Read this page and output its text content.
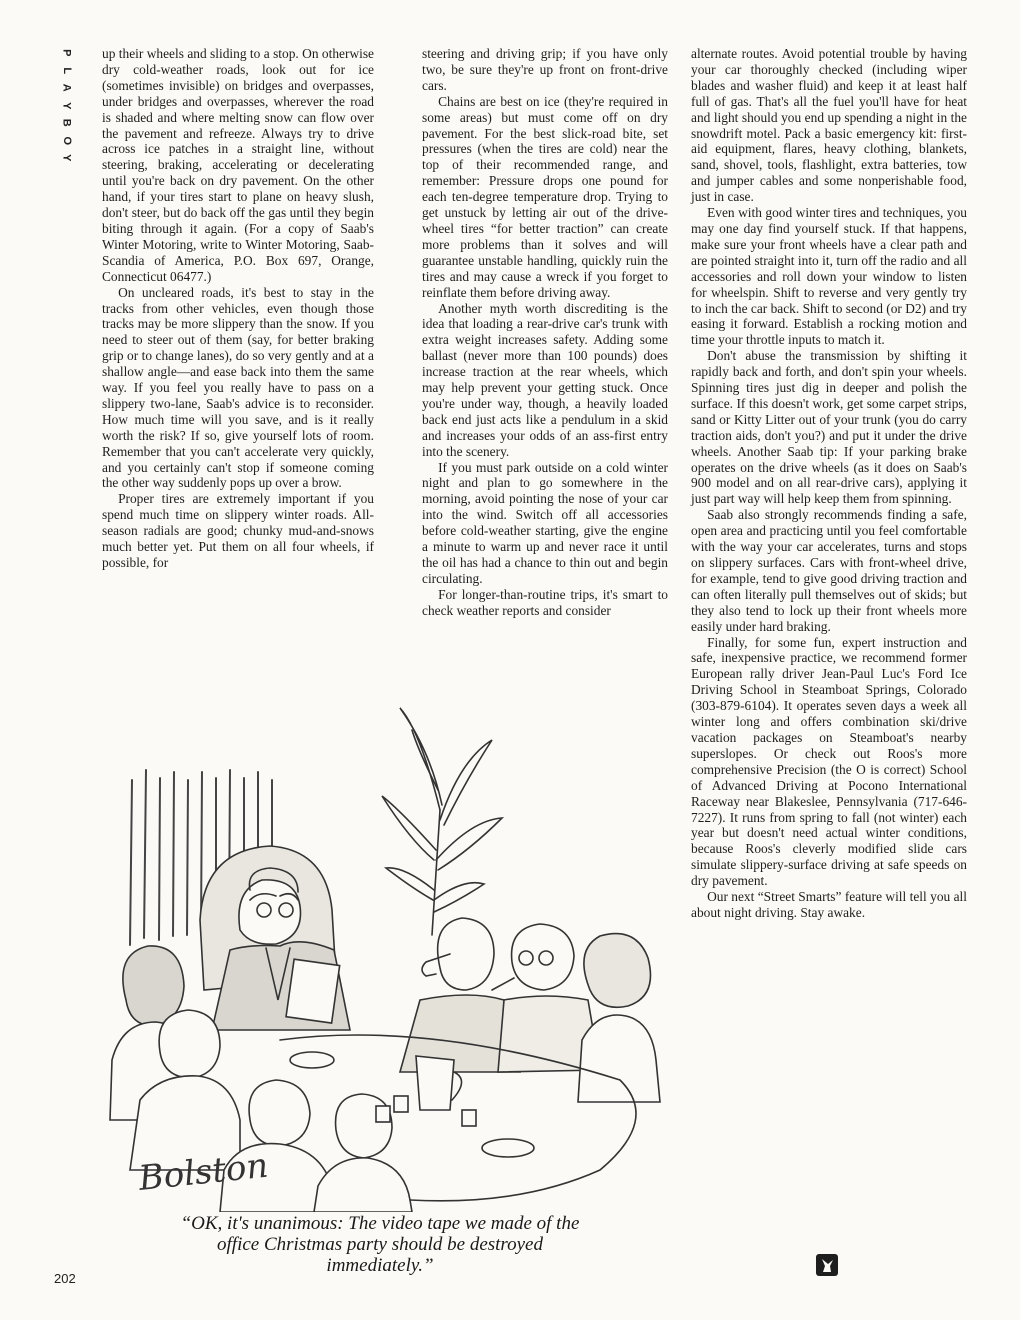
P
L
A
Y
B
O
Y

up their wheels and sliding to a stop. On otherwise dry cold-weather roads, look out for ice (sometimes invisible) on bridges and overpasses, under bridges and overpasses, wherever the road is shaded and where melting snow can flow over the pavement and refreeze. Always try to drive across ice patches in a straight line, without steering, braking, accelerating or decelerating until you're back on dry pavement. On the other hand, if your tires start to plane on heavy slush, don't steer, but do back off the gas until they begin biting through it again. (For a copy of Saab's Winter Motoring, write to Winter Motoring, Saab-Scandia of America, P.O. Box 697, Orange, Connecticut 06477.)

On uncleared roads, it's best to stay in the tracks from other vehicles, even though those tracks may be more slippery than the snow. If you need to steer out of them (say, for better braking grip or to change lanes), do so very gently and at a shallow angle—and ease back into them the same way. If you feel you really have to pass on a slippery two-lane, Saab's advice is to reconsider. How much time will you save, and is it really worth the risk? If so, give yourself lots of room. Remember that you can't accelerate very quickly, and you certainly can't stop if someone coming the other way suddenly pops up over a brow.

Proper tires are extremely important if you spend much time on slippery winter roads. All-season radials are good; chunky mud-and-snows much better yet. Put them on all four wheels, if possible, for

steering and driving grip; if you have only two, be sure they're up front on front-drive cars.

Chains are best on ice (they're required in some areas) but must come off on dry pavement. For the best slick-road bite, set pressures (when the tires are cold) near the top of their recommended range, and remember: Pressure drops one pound for each ten-degree temperature drop. Trying to get unstuck by letting air out of the drive-wheel tires “for better traction” can create more problems than it solves and will guarantee unstable handling, quickly ruin the tires and may cause a wreck if you forget to reinflate them before driving away.

Another myth worth discrediting is the idea that loading a rear-drive car's trunk with extra weight increases safety. Adding some ballast (never more than 100 pounds) does increase traction at the rear wheels, which may help prevent your getting stuck. Once you're under way, though, a heavily loaded back end just acts like a pendulum in a skid and increases your odds of an ass-first entry into the scenery.

If you must park outside on a cold winter night and plan to go somewhere in the morning, avoid pointing the nose of your car into the wind. Switch off all accessories before cold-weather starting, give the engine a minute to warm up and never race it until the oil has had a chance to thin out and begin circulating.

For longer-than-routine trips, it's smart to check weather reports and consider

alternate routes. Avoid potential trouble by having your car thoroughly checked (including wiper blades and washer fluid) and keep it at least half full of gas. That's all the fuel you'll have for heat and light should you end up spending a night in the snowdrift motel. Pack a basic emergency kit: first-aid equipment, flares, heavy clothing, blankets, sand, shovel, tools, flashlight, extra batteries, tow and jumper cables and some nonperishable food, just in case.

Even with good winter tires and techniques, you may one day find yourself stuck. If that happens, make sure your front wheels have a clear path and are pointed straight into it, turn off the radio and all accessories and roll down your window to listen for wheelspin. Shift to reverse and very gently try to inch the car back. Shift to second (or D2) and try easing it forward. Establish a rocking motion and time your throttle inputs to match it.

Don't abuse the transmission by shifting it rapidly back and forth, and don't spin your wheels. Spinning tires just dig in deeper and polish the surface. If this doesn't work, get some carpet strips, sand or Kitty Litter out of your trunk (you do carry traction aids, don't you?) and put it under the drive wheels. Another Saab tip: If your parking brake operates on the drive wheels (as it does on Saab's 900 model and on all rear-drive cars), applying it just part way will help keep them from spinning.

Saab also strongly recommends finding a safe, open area and practicing until you feel comfortable with the way your car accelerates, turns and stops on slippery surfaces. Cars with front-wheel drive, for example, tend to give good driving traction and can often literally pull themselves out of skids; but they also tend to lock up their front wheels more easily under hard braking.

Finally, for some fun, expert instruction and safe, inexpensive practice, we recommend former European rally driver Jean-Paul Luc's Ford Ice Driving School in Steamboat Springs, Colorado (303-879-6104). It operates seven days a week all winter long and offers combination ski/drive vacation packages on Steamboat's nearby superslopes. Or check out Roos's more comprehensive Precision (the O is correct) School of Advanced Driving at Pocono International Raceway near Blakeslee, Pennsylvania (717-646-7227). It runs from spring to fall (not winter) each year but doesn't need actual winter conditions, because Roos's cleverly modified slide cars simulate slippery-surface driving at safe speeds on dry pavement.

Our next “Street Smarts” feature will tell you all about night driving. Stay awake.

Bolston
“OK, it's unanimous: The video tape we made of the office Christmas party should be destroyed immediately.”
202
